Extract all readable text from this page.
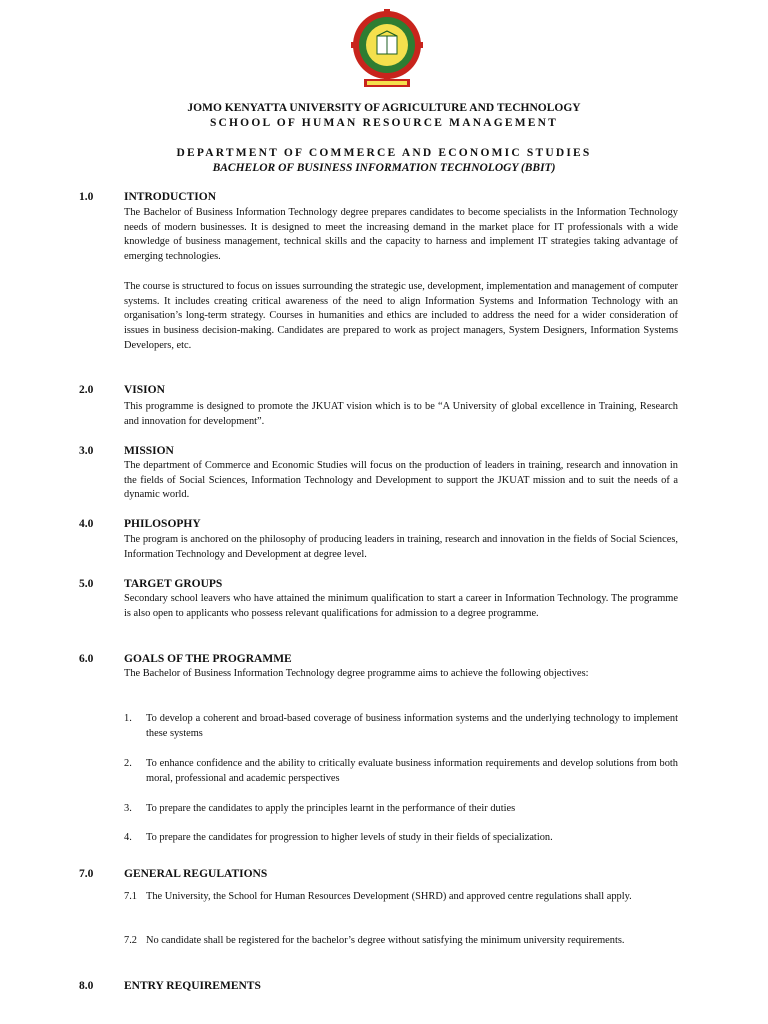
JOMO KENYATTA UNIVERSITY OF AGRICULTURE AND TECHNOLOGY
SCHOOL OF HUMAN RESOURCE MANAGEMENT
DEPARTMENT OF COMMERCE AND ECONOMIC STUDIES
BACHELOR OF BUSINESS INFORMATION TECHNOLOGY (BBIT)
1.0	INTRODUCTION
The Bachelor of Business Information Technology degree prepares candidates to become specialists in the Information Technology needs of modern businesses. It is designed to meet the increasing demand in the market place for IT professionals with a wide knowledge of business management, technical skills and the capacity to harness and implement IT strategies taking advantage of emerging technologies.
The course is structured to focus on issues surrounding the strategic use, development, implementation and management of computer systems. It includes creating critical awareness of the need to align Information Systems and Information Technology with an organisation’s long-term strategy. Courses in humanities and ethics are included to address the need for a wider consideration of issues in business decision-making. Candidates are prepared to work as project managers, System Designers, Information Systems Developers, etc.
2.0	VISION
This programme is designed to promote the JKUAT vision which is to be “A University of global excellence in Training, Research and innovation for development”.
3.0	MISSION
The department of Commerce and Economic Studies will focus on the production of leaders in training, research and innovation in the fields of Social Sciences, Information Technology and Development to support the JKUAT mission and to suit the needs of a dynamic world.
4.0	PHILOSOPHY
The program is anchored on the philosophy of producing leaders in training, research and innovation in the fields of Social Sciences, Information Technology and Development at degree level.
5.0	TARGET GROUPS
Secondary school leavers who have attained the minimum qualification to start a career in Information Technology. The programme is also open to applicants who possess relevant qualifications for admission to a degree programme.
6.0	GOALS OF THE PROGRAMME
The Bachelor of Business Information Technology degree programme aims to achieve the following objectives:
1. To develop a coherent and broad-based coverage of business information systems and the underlying technology to implement these systems
2. To enhance confidence and the ability to critically evaluate business information requirements and develop solutions from both moral, professional and academic perspectives
3. To prepare the candidates to apply the principles learnt in the performance of their duties
4. To prepare the candidates for progression to higher levels of study in their fields of specialization.
7.0	GENERAL REGULATIONS
7.1 The University, the School for Human Resources Development (SHRD) and approved centre regulations shall apply.
7.2 No candidate shall be registered for the bachelor’s degree without satisfying the minimum university requirements.
8.0	ENTRY REQUIREMENTS
